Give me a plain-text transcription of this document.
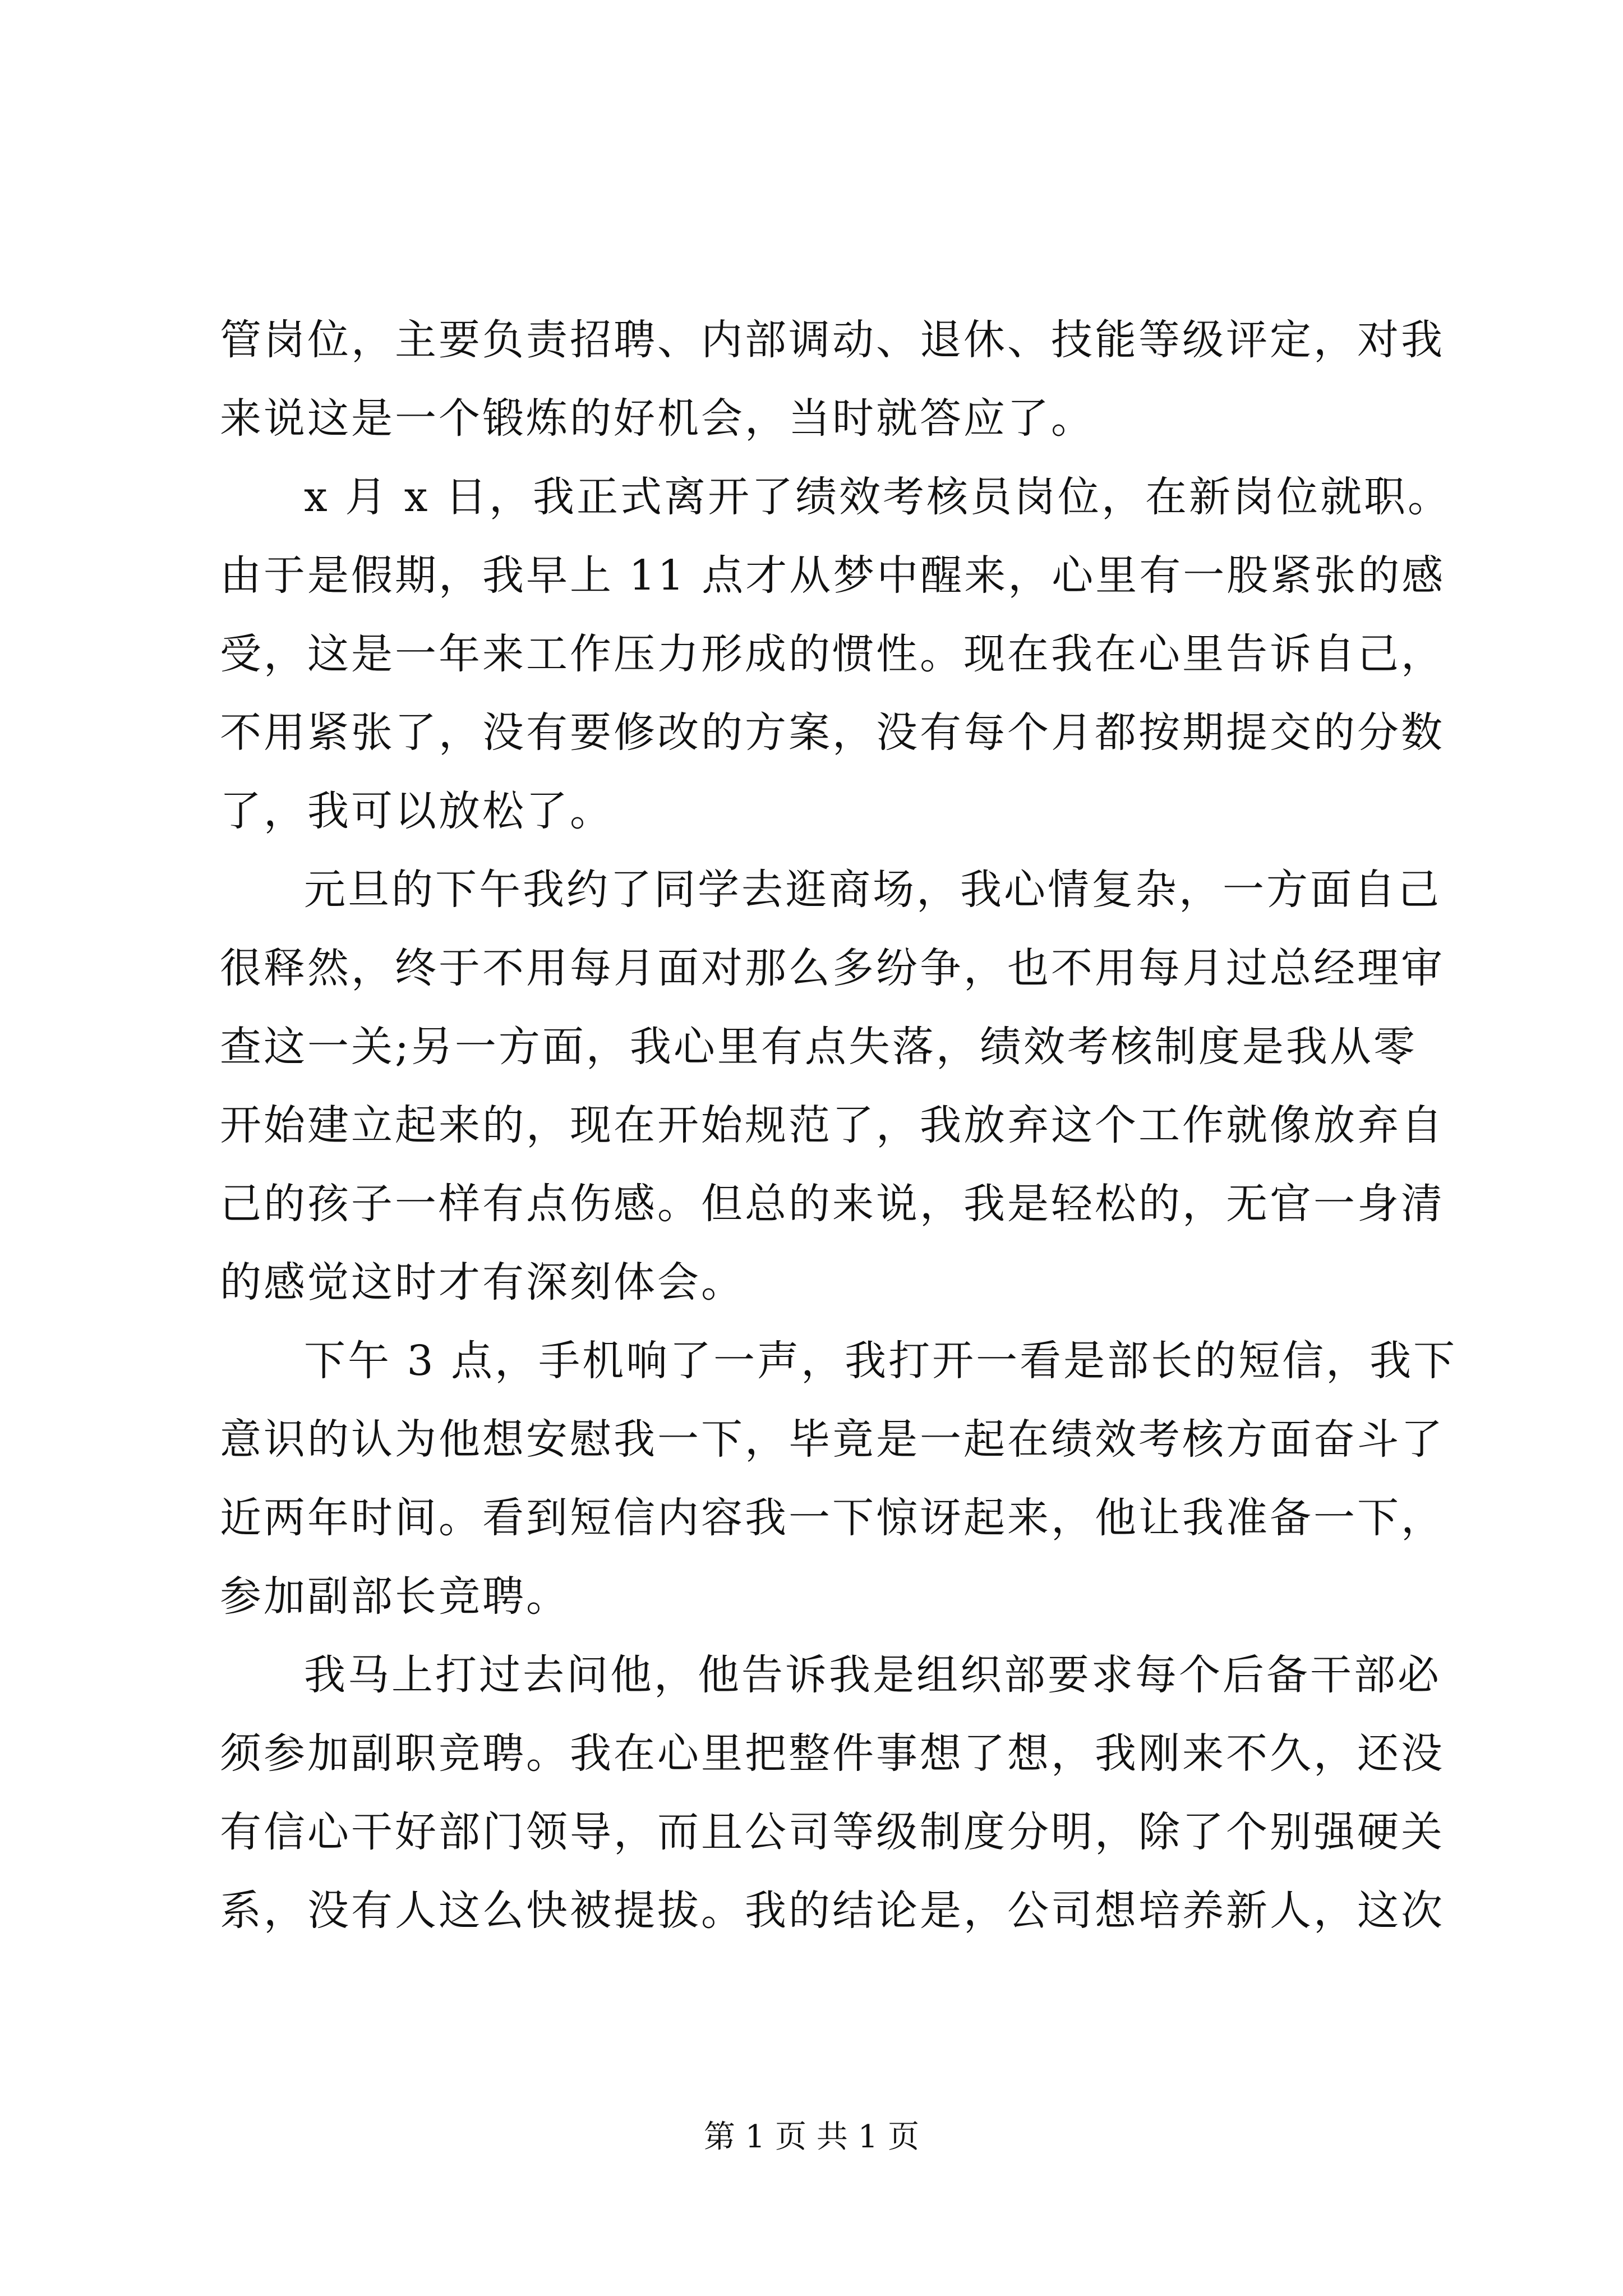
管岗位，主要负责招聘、内部调动、退休、技能等级评定，对我
来说这是一个锻炼的好机会，当时就答应了。
x 月 x 日，我正式离开了绩效考核员岗位，在新岗位就职。
由于是假期，我早上 11 点才从梦中醒来，心里有一股紧张的感
受，这是一年来工作压力形成的惯性。现在我在心里告诉自己，
不用紧张了，没有要修改的方案，没有每个月都按期提交的分数
了，我可以放松了。
元旦的下午我约了同学去逛商场，我心情复杂，一方面自己
很释然，终于不用每月面对那么多纷争，也不用每月过总经理审
查这一关;另一方面，我心里有点失落，绩效考核制度是我从零
开始建立起来的，现在开始规范了，我放弃这个工作就像放弃自
己的孩子一样有点伤感。但总的来说，我是轻松的，无官一身清
的感觉这时才有深刻体会。
下午 3 点，手机响了一声，我打开一看是部长的短信，我下
意识的认为他想安慰我一下，毕竟是一起在绩效考核方面奋斗了
近两年时间。看到短信内容我一下惊讶起来，他让我准备一下，
参加副部长竞聘。
我马上打过去问他，他告诉我是组织部要求每个后备干部必
须参加副职竞聘。我在心里把整件事想了想，我刚来不久，还没
有信心干好部门领导，而且公司等级制度分明，除了个别强硬关
系，没有人这么快被提拔。我的结论是，公司想培养新人，这次
第 1 页 共 1 页
